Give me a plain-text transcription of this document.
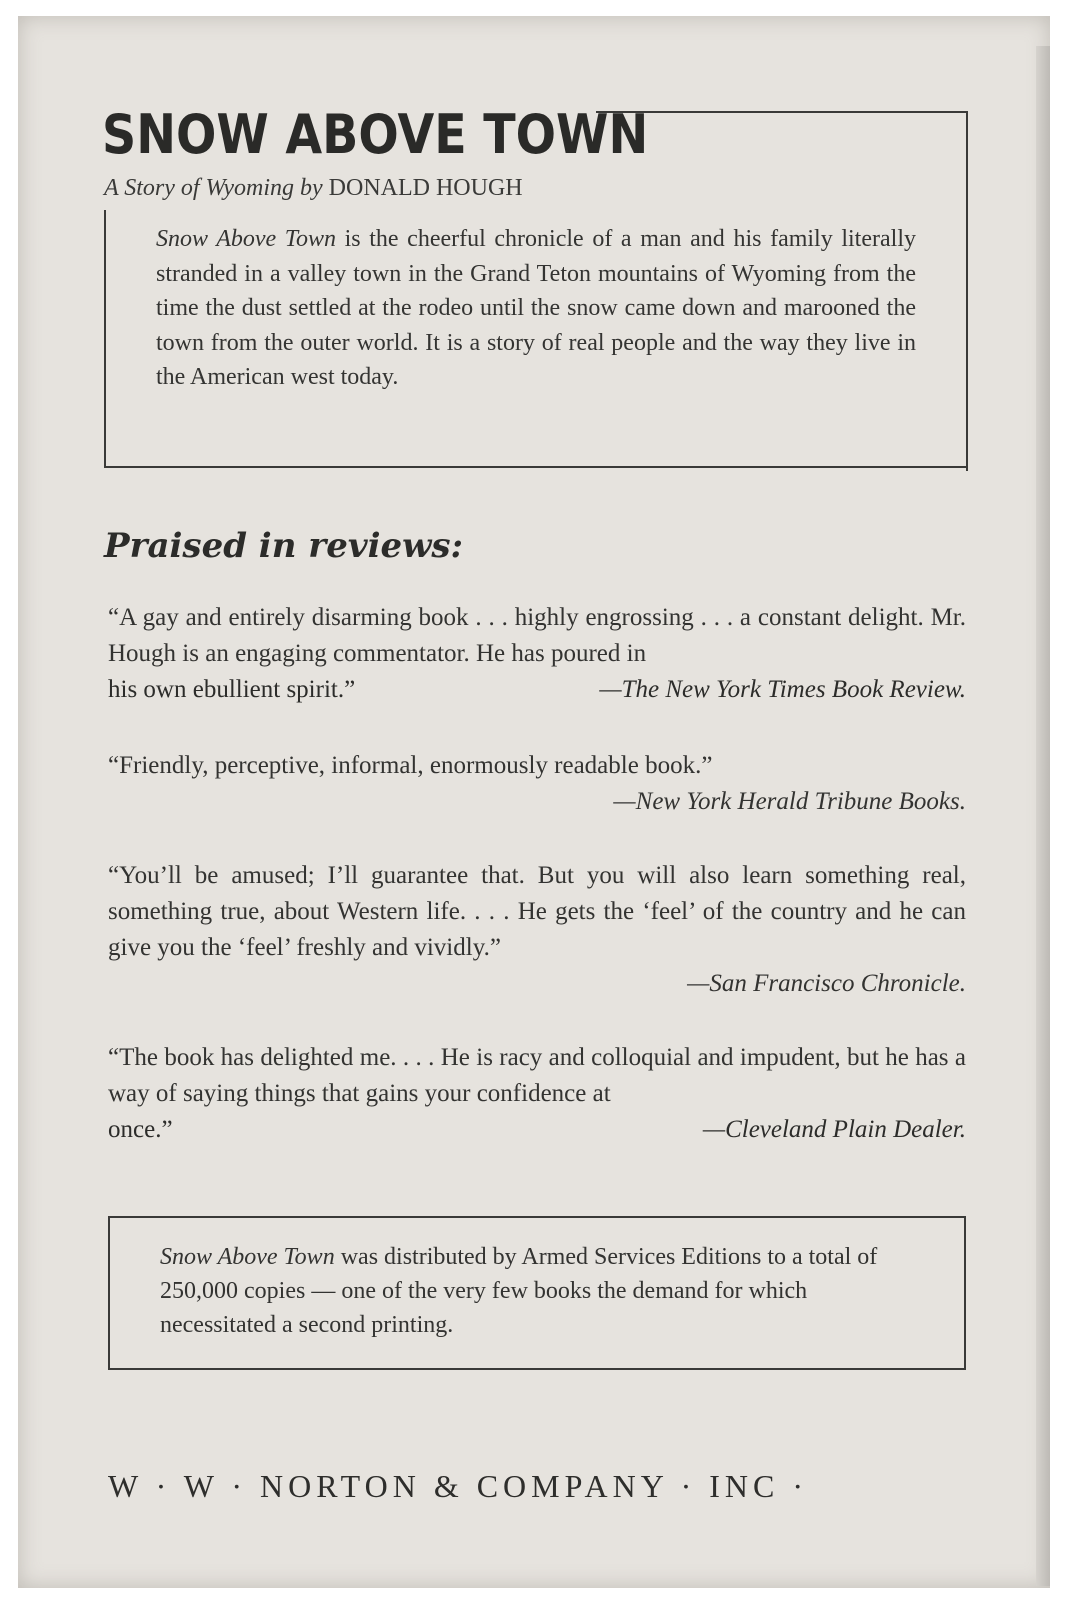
SNOW ABOVE TOWN

A Story of Wyoming by DONALD HOUGH

Snow Above Town is the cheerful chronicle of a man and his family literally stranded in a valley town in the Grand Teton mountains of Wyoming from the time the dust settled at the rodeo until the snow came down and marooned the town from the outer world. It is a story of real people and the way they live in the American west today.

Praised in reviews:
“A gay and entirely disarming book . . . highly engrossing . . . a constant delight. Mr. Hough is an engaging commentator. He has poured in
his own ebullient spirit.”	—The New York Times Book Review.
“Friendly, perceptive, informal, enormously readable book.”
—New York Herald Tribune Books.
“You’ll be amused; I’ll guarantee that. But you will also learn something real, something true, about Western life. . . . He gets the ‘feel’ of the country and he can give you the ‘feel’ freshly and vividly.”
—San Francisco Chronicle.
“The book has delighted me. . . . He is racy and colloquial and impudent, but he has a way of saying things that gains your confidence at
once.”	—Cleveland Plain Dealer.

Snow Above Town was distributed by Armed Services Editions to a total of 250,000 copies — one of the very few books the demand for which necessitated a second printing.

W · W · NORTON & COMPANY · INC ·
